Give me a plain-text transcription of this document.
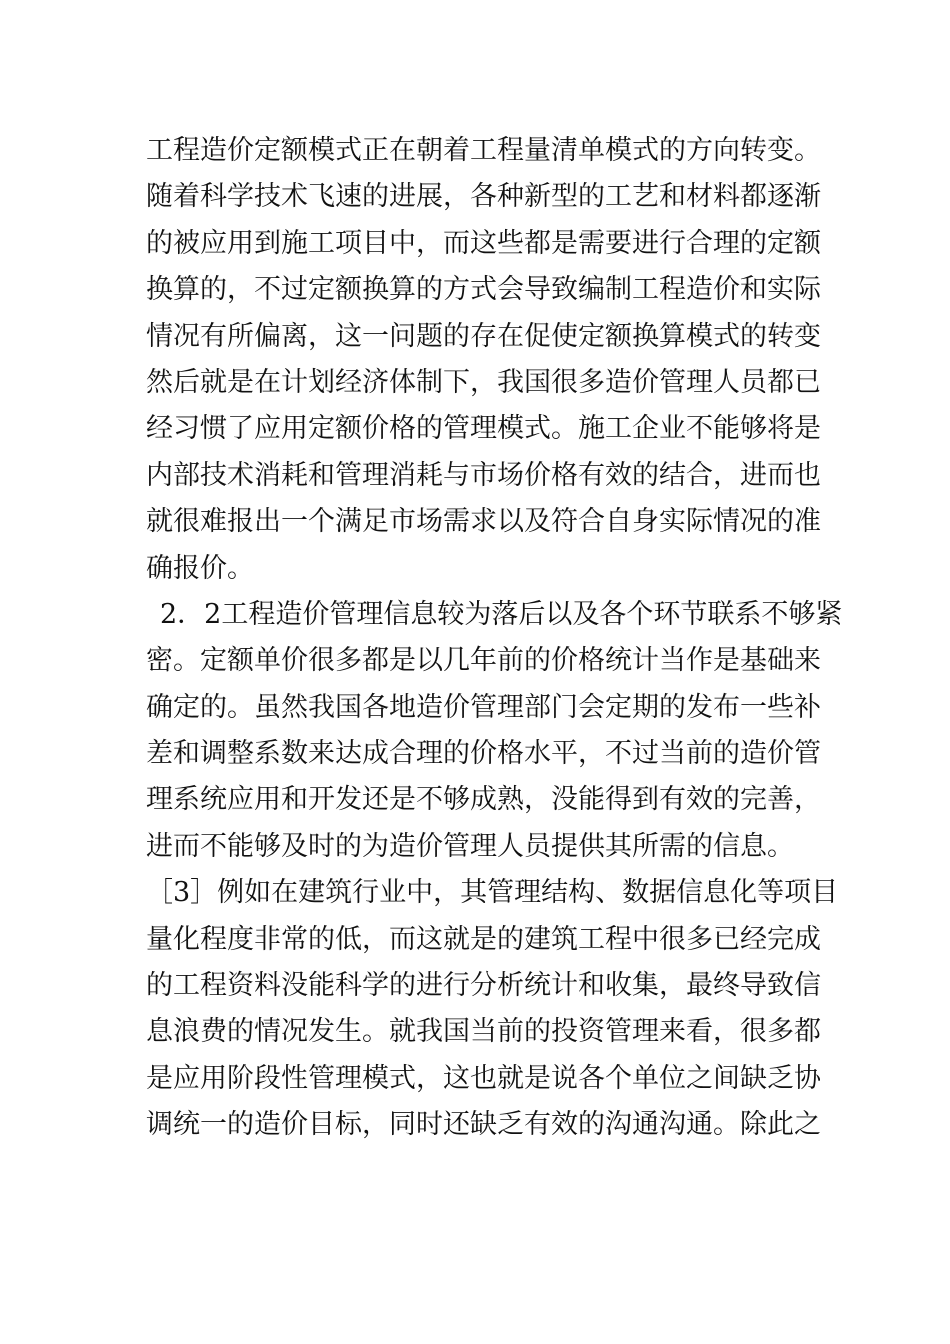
工程造价定额模式正在朝着工程量清单模式的方向转变。
随着科学技术飞速的进展，各种新型的工艺和材料都逐渐
的被应用到施工项目中，而这些都是需要进行合理的定额
换算的，不过定额换算的方式会导致编制工程造价和实际
情况有所偏离，这一问题的存在促使定额换算模式的转变
然后就是在计划经济体制下，我国很多造价管理人员都已
经习惯了应用定额价格的管理模式。施工企业不能够将是
内部技术消耗和管理消耗与市场价格有效的结合，进而也
就很难报出一个满足市场需求以及符合自身实际情况的准
确报价。
2．2工程造价管理信息较为落后以及各个环节联系不够紧
密。定额单价很多都是以几年前的价格统计当作是基础来
确定的。虽然我国各地造价管理部门会定期的发布一些补
差和调整系数来达成合理的价格水平，不过当前的造价管
理系统应用和开发还是不够成熟，没能得到有效的完善，
进而不能够及时的为造价管理人员提供其所需的信息。
［3］例如在建筑行业中，其管理结构、数据信息化等项目
量化程度非常的低，而这就是的建筑工程中很多已经完成
的工程资料没能科学的进行分析统计和收集，最终导致信
息浪费的情况发生。就我国当前的投资管理来看，很多都
是应用阶段性管理模式，这也就是说各个单位之间缺乏协
调统一的造价目标，同时还缺乏有效的沟通沟通。除此之
